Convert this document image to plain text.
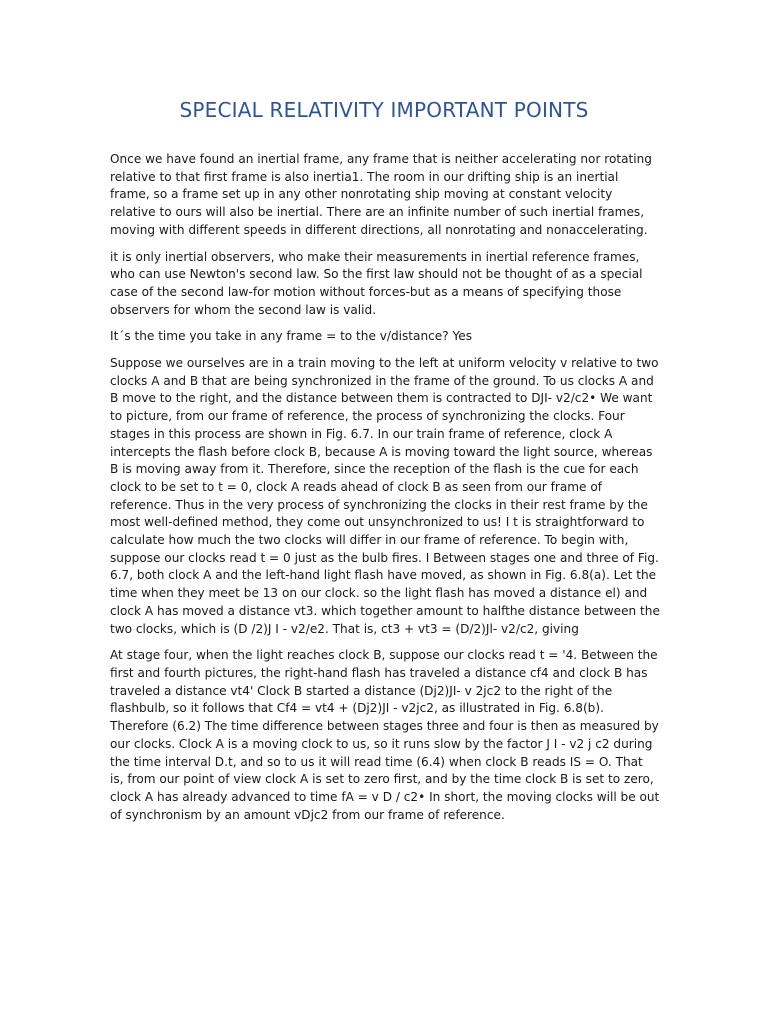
SPECIAL RELATIVITY IMPORTANT POINTS

Once we have found an inertial frame, any frame that is neither accelerating nor rotating relative to that first frame is also inertia1. The room in our drifting ship is an inertial frame, so a frame set up in any other nonrotating ship moving at constant velocity relative to ours will also be inertial. There are an infinite number of such inertial frames, moving with different speeds in different directions, all nonrotating and nonaccelerating.

it is only inertial observers, who make their measurements in inertial reference frames, who can use Newton's second law. So the first law should not be thought of as a special case of the second law-for motion without forces-but as a means of specifying those observers for whom the second law is valid.

It´s the time you take in any frame = to the v/distance? Yes

Suppose we ourselves are in a train moving to the left at uniform velocity v relative to two clocks A and B that are being synchronized in the frame of the ground. To us clocks A and B move to the right, and the distance between them is contracted to DJI- v2/c2• We want to picture, from our frame of reference, the process of synchronizing the clocks. Four stages in this process are shown in Fig. 6.7. In our train frame of reference, clock A intercepts the flash before clock B, because A is moving toward the light source, whereas B is moving away from it. Therefore, since the reception of the flash is the cue for each clock to be set to t = 0, clock A reads ahead of clock B as seen from our frame of reference. Thus in the very process of synchronizing the clocks in their rest frame by the most well-defined method, they come out unsynchronized to us! I t is straightforward to calculate how much the two clocks will differ in our frame of reference. To begin with, suppose our clocks read t = 0 just as the bulb fires. I Between stages one and three of Fig. 6.7, both clock A and the left-hand light flash have moved, as shown in Fig. 6.8(a). Let the time when they meet be 13 on our clock. so the light flash has moved a distance el) and clock A has moved a distance vt3. which together amount to halfthe distance between the two clocks, which is (D /2)J I - v2/e2. That is, ct3 + vt3 = (D/2)Jl- v2/c2, giving

At stage four, when the light reaches clock B, suppose our clocks read t = '4. Between the first and fourth pictures, the right-hand flash has traveled a distance cf4 and clock B has traveled a distance vt4' Clock B started a distance (Dj2)JI- v 2jc2 to the right of the flashbulb, so it follows that Cf4 = vt4 + (Dj2)JI - v2jc2, as illustrated in Fig. 6.8(b). Therefore (6.2) The time difference between stages three and four is then as measured by our clocks. Clock A is a moving clock to us, so it runs slow by the factor J I - v2 j c2 during the time interval D.t, and so to us it will read time (6.4) when clock B reads IS = O. That is, from our point of view clock A is set to zero first, and by the time clock B is set to zero, clock A has already advanced to time fA = v D / c2• In short, the moving clocks will be out of synchronism by an amount vDjc2 from our frame of reference.
